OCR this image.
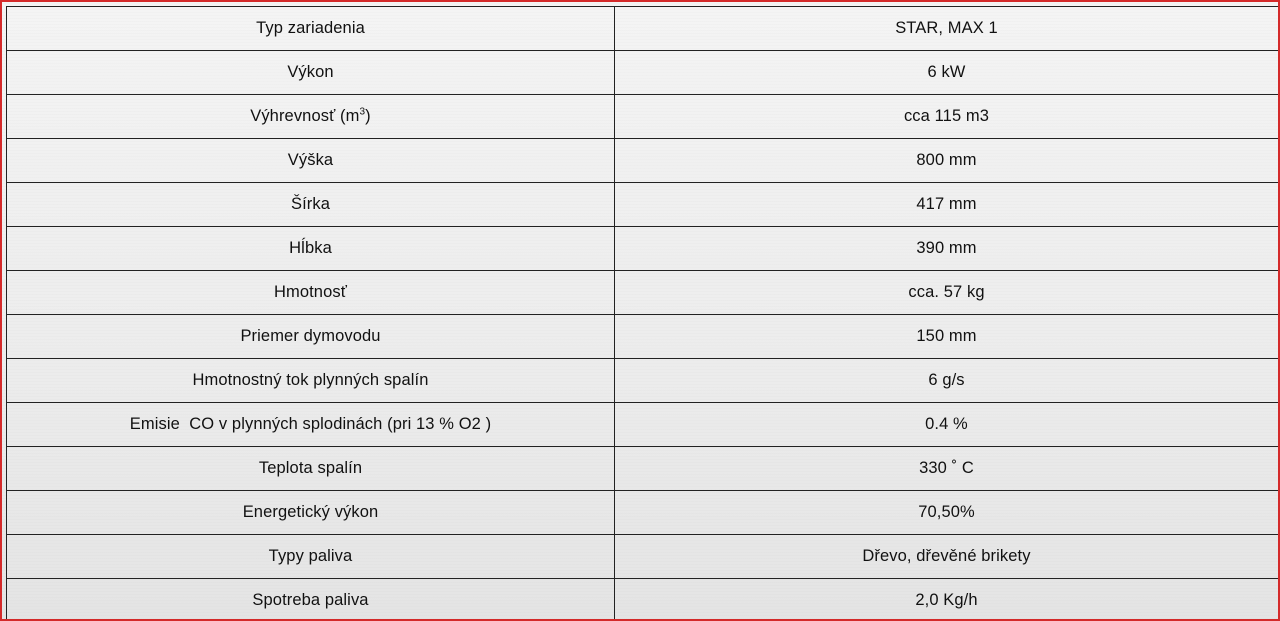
Typ zariadenia	STAR, MAX 1
Výkon	6 kW
Výhrevnosť $(m^3)$	cca 115 m3
Výška	800 mm
Šírka	417 mm
Hĺbka	390 mm
Hmotnosť	cca. 57 kg
Priemer dymovodu	150 mm
Hmotnostný tok plynných spalín	6 g/s
Emisie  CO v plynných splodinách (pri 13 % O2 )	0.4 %
Teplota spalín	330 ˚ C
Energetický výkon	70,50%
Typy paliva	Dřevo, dřevěné brikety
Spotreba paliva	2,0 Kg/h
